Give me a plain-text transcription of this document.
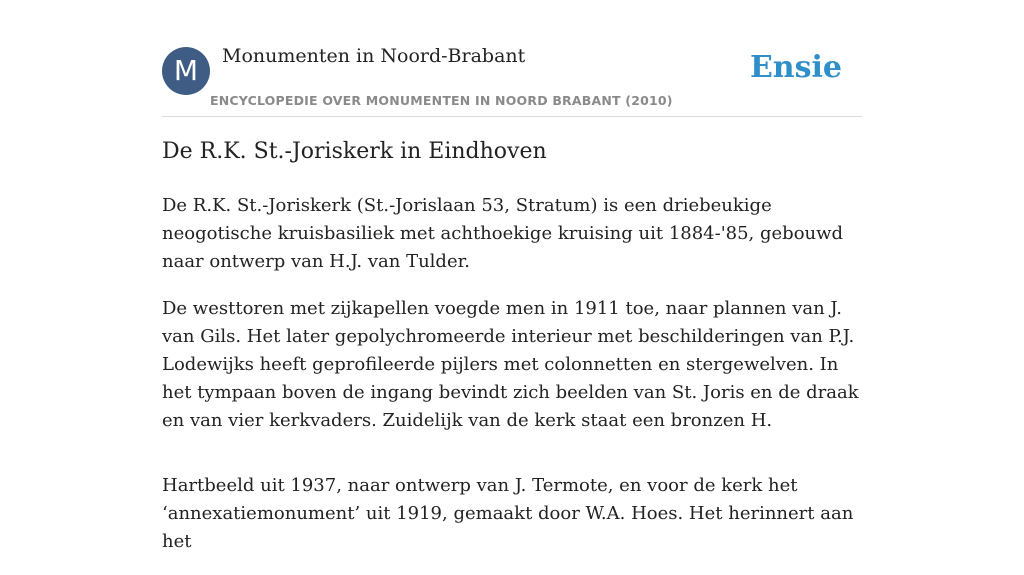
M	Monumenten in Noord-Brabant
ENCYCLOPEDIE OVER MONUMENTEN IN NOORD BRABANT (2010)
Ensie
De R.K. St.-Joriskerk in Eindhoven

De R.K. St.-Joriskerk (St.-Jorislaan 53, Stratum) is een driebeukige neogotische kruisbasiliek met achthoekige kruising uit 1884-'85, gebouwd naar ontwerp van H.J. van Tulder.

De westtoren met zijkapellen voegde men in 1911 toe, naar plannen van J. van Gils. Het later gepolychromeerde interieur met beschilderingen van P.J. Lodewijks heeft geprofileerde pijlers met colonnetten en stergewelven. In het tympaan boven de ingang bevindt zich beelden van St. Joris en de draak en van vier kerkvaders. Zuidelijk van de kerk staat een bronzen H.

Hartbeeld uit 1937, naar ontwerp van J. Termote, en voor de kerk het ‘annexatiemonument’ uit 1919, gemaakt door W.A. Hoes. Het herinnert aan het
